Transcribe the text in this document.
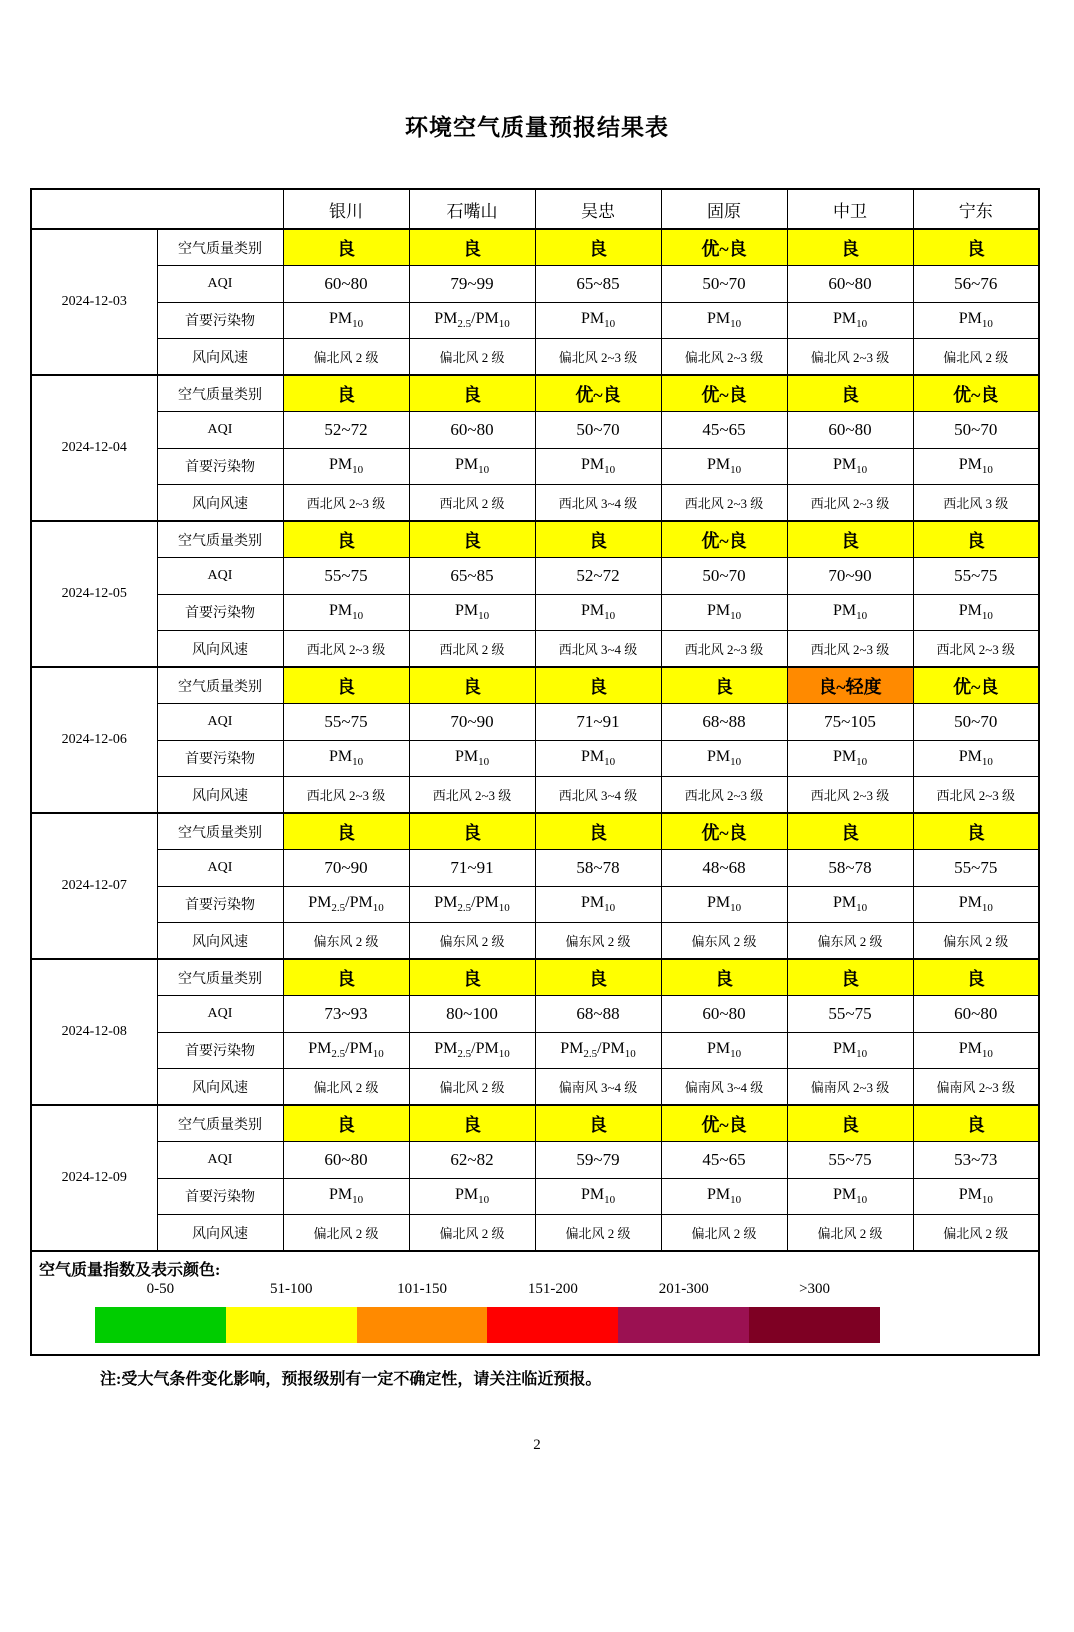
环境空气质量预报结果表
		银川	石嘴山	吴忠	固原	中卫	宁东
2024-12-03	空气质量类别	良	良	良	优~良	良	良
	AQI	60~80	79~99	65~85	50~70	60~80	56~76
	首要污染物	$PM_{10}$	$PM_{2.5}/PM_{10}$	$PM_{10}$	$PM_{10}$	$PM_{10}$	$PM_{10}$
	风向风速	偏北风 2 级	偏北风 2 级	偏北风 2~3 级	偏北风 2~3 级	偏北风 2~3 级	偏北风 2 级
2024-12-04	空气质量类别	良	良	优~良	优~良	良	优~良
	AQI	52~72	60~80	50~70	45~65	60~80	50~70
	首要污染物	$PM_{10}$	$PM_{10}$	$PM_{10}$	$PM_{10}$	$PM_{10}$	$PM_{10}$
	风向风速	西北风 2~3 级	西北风 2 级	西北风 3~4 级	西北风 2~3 级	西北风 2~3 级	西北风 3 级
2024-12-05	空气质量类别	良	良	良	优~良	良	良
	AQI	55~75	65~85	52~72	50~70	70~90	55~75
	首要污染物	$PM_{10}$	$PM_{10}$	$PM_{10}$	$PM_{10}$	$PM_{10}$	$PM_{10}$
	风向风速	西北风 2~3 级	西北风 2 级	西北风 3~4 级	西北风 2~3 级	西北风 2~3 级	西北风 2~3 级
2024-12-06	空气质量类别	良	良	良	良	良~轻度	优~良
	AQI	55~75	70~90	71~91	68~88	75~105	50~70
	首要污染物	$PM_{10}$	$PM_{10}$	$PM_{10}$	$PM_{10}$	$PM_{10}$	$PM_{10}$
	风向风速	西北风 2~3 级	西北风 2~3 级	西北风 3~4 级	西北风 2~3 级	西北风 2~3 级	西北风 2~3 级
2024-12-07	空气质量类别	良	良	良	优~良	良	良
	AQI	70~90	71~91	58~78	48~68	58~78	55~75
	首要污染物	$PM_{2.5}/PM_{10}$	$PM_{2.5}/PM_{10}$	$PM_{10}$	$PM_{10}$	$PM_{10}$	$PM_{10}$
	风向风速	偏东风 2 级	偏东风 2 级	偏东风 2 级	偏东风 2 级	偏东风 2 级	偏东风 2 级
2024-12-08	空气质量类别	良	良	良	良	良	良
	AQI	73~93	80~100	68~88	60~80	55~75	60~80
	首要污染物	$PM_{2.5}/PM_{10}$	$PM_{2.5}/PM_{10}$	$PM_{2.5}/PM_{10}$	$PM_{10}$	$PM_{10}$	$PM_{10}$
	风向风速	偏北风 2 级	偏北风 2 级	偏南风 3~4 级	偏南风 3~4 级	偏南风 2~3 级	偏南风 2~3 级
2024-12-09	空气质量类别	良	良	良	优~良	良	良
	AQI	60~80	62~82	59~79	45~65	55~75	53~73
	首要污染物	$PM_{10}$	$PM_{10}$	$PM_{10}$	$PM_{10}$	$PM_{10}$	$PM_{10}$
	风向风速	偏北风 2 级	偏北风 2 级	偏北风 2 级	偏北风 2 级	偏北风 2 级	偏北风 2 级
空气质量指数及表示颜色:
0-50	51-100	101-150	151-200	201-300	>300
注:受大气条件变化影响，预报级别有一定不确定性，请关注临近预报。
2
